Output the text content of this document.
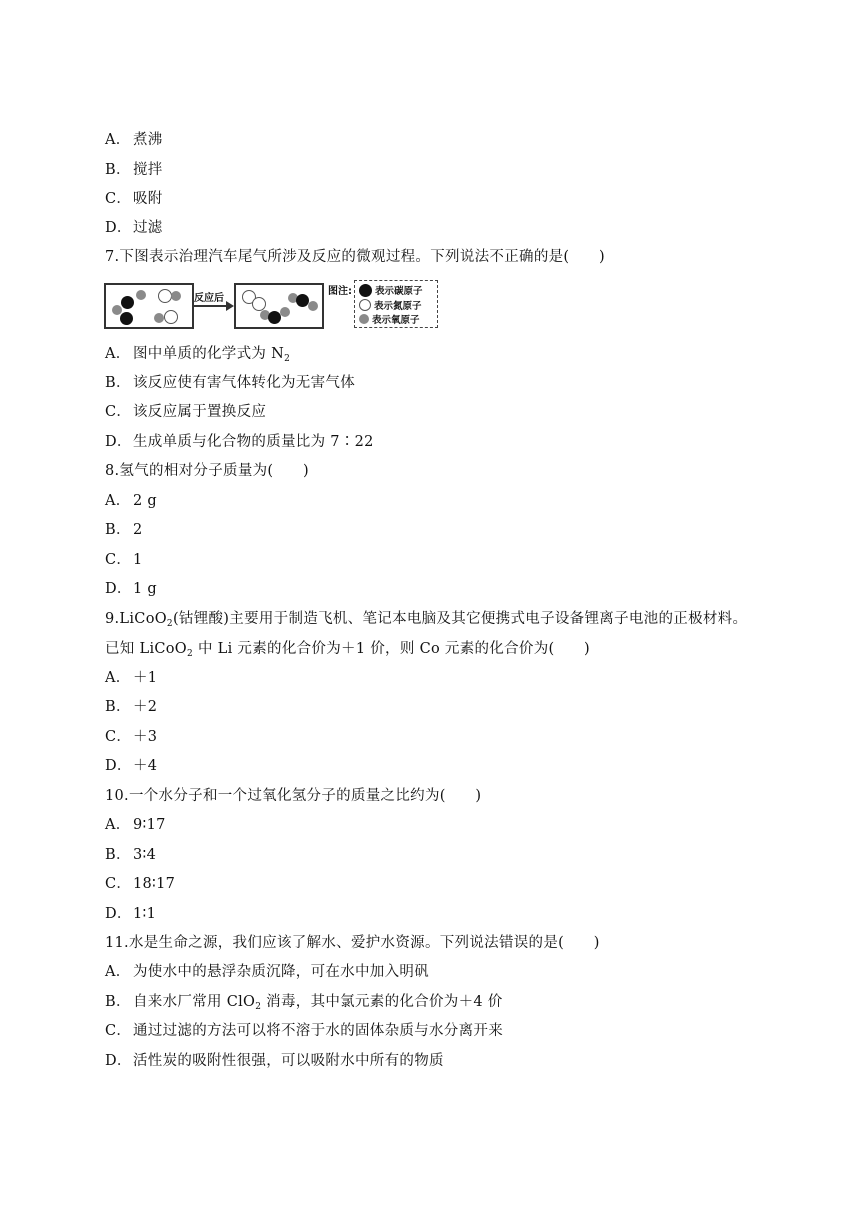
A． 煮沸
B． 搅拌
C． 吸附
D．过滤
7.下图表示治理汽车尾气所涉及反应的微观过程。下列说法不正确的是(　　)
反应后
图注: 表示碳原子
表示氮原子
表示氧原子
A． 图中单质的化学式为 $N_2$
B． 该反应使有害气体转化为无害气体
C． 该反应属于置换反应
D．生成单质与化合物的质量比为 7∶22
8.氢气的相对分子质量为(　　)
A． 2 g
B． 2
C． 1
D．1 g
9.LiCoO$_2$(钴锂酸)主要用于制造飞机、笔记本电脑及其它便携式电子设备锂离子电池的正极材料。
已知 LiCoO$_2$ 中 Li 元素的化合价为＋1 价，则 Co 元素的化合价为(　　)
A． ＋1
B． ＋2
C． ＋3
D．＋4
10.一个水分子和一个过氧化氢分子的质量之比约为(　　)
A． 9∶17
B． 3∶4
C． 18∶17
D．1∶1
11.水是生命之源，我们应该了解水、爱护水资源。下列说法错误的是(　　)
A． 为使水中的悬浮杂质沉降，可在水中加入明矾
B． 自来水厂常用 ClO$_2$ 消毒，其中氯元素的化合价为＋4 价
C． 通过过滤的方法可以将不溶于水的固体杂质与水分离开来
D．活性炭的吸附性很强，可以吸附水中所有的物质
